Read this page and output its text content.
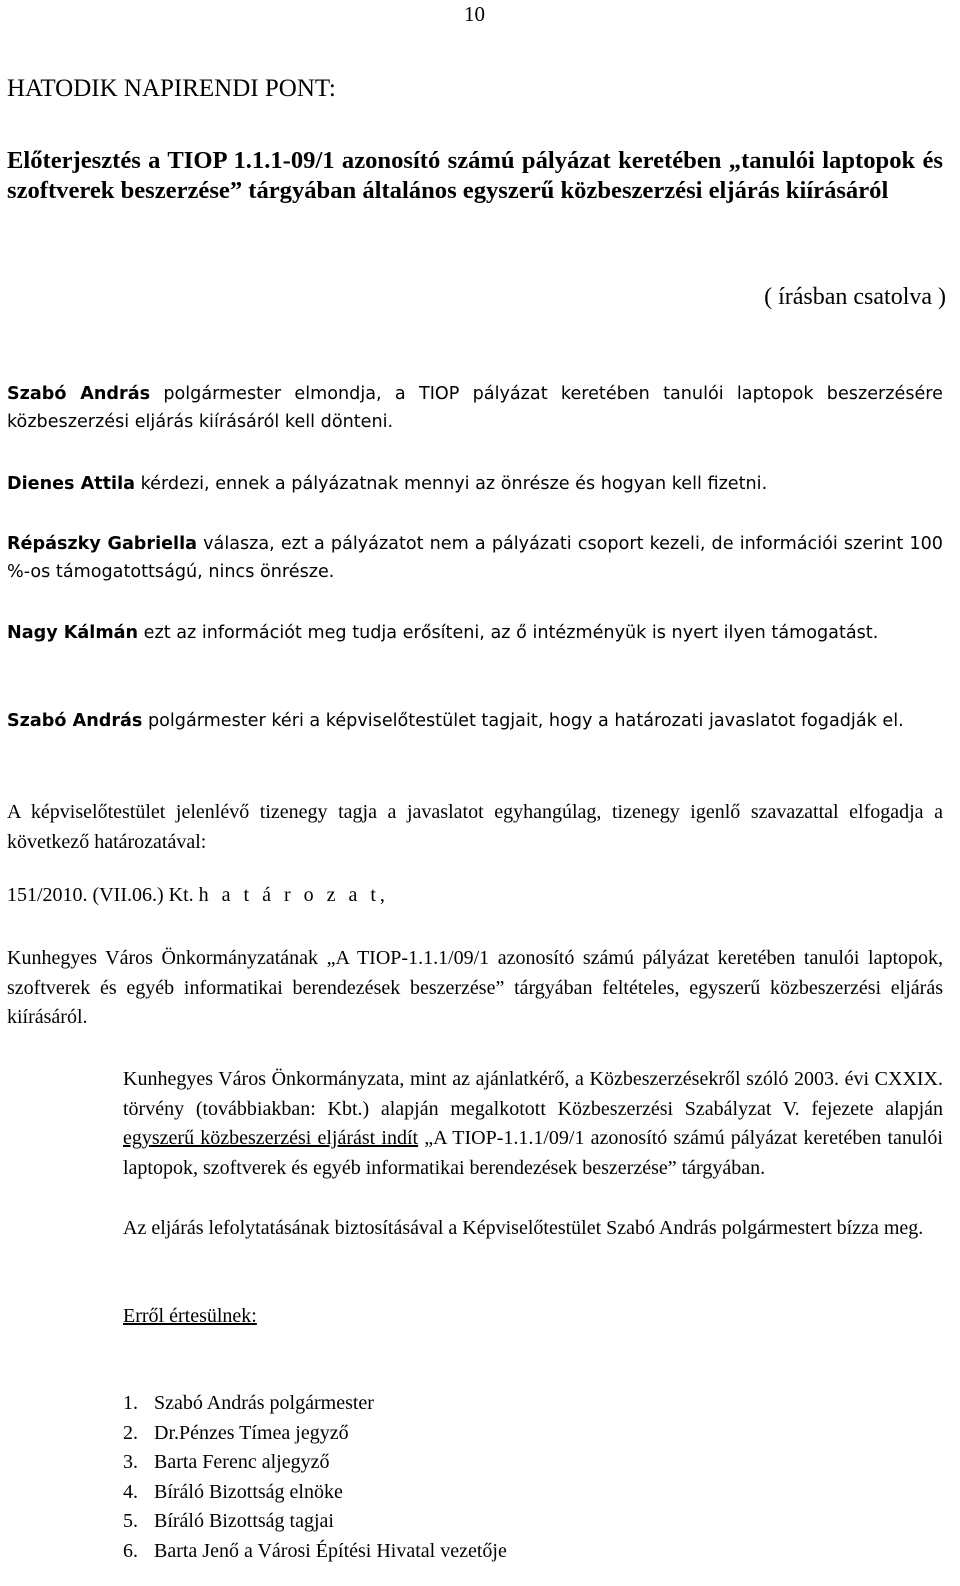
10
HATODIK NAPIRENDI PONT:
Előterjesztés a TIOP 1.1.1-09/1 azonosító számú pályázat keretében „tanulói laptopok és szoftverek beszerzése” tárgyában általános egyszerű közbeszerzési eljárás kiírásáról
( írásban csatolva )

Szabó András polgármester elmondja, a TIOP pályázat keretében tanulói laptopok beszerzésére közbeszerzési eljárás kiírásáról kell dönteni.

Dienes Attila kérdezi, ennek a pályázatnak mennyi az önrésze és hogyan kell fizetni.

Répászky Gabriella válasza, ezt a pályázatot nem a pályázati csoport kezeli, de információi szerint 100 %-os támogatottságú, nincs önrésze.

Nagy Kálmán ezt az információt meg tudja erősíteni, az ő intézményük is nyert ilyen támogatást.

Szabó András polgármester kéri a képviselőtestület tagjait, hogy a határozati javaslatot fogadják el.

A képviselőtestület jelenlévő tizenegy tagja a javaslatot egyhangúlag, tizenegy igenlő szavazattal elfogadja a következő határozatával:

151/2010. (VII.06.) Kt. h a t á r o z a t,

Kunhegyes Város Önkormányzatának „A TIOP-1.1.1/09/1 azonosító számú pályázat keretében tanulói laptopok, szoftverek és egyéb informatikai berendezések beszerzése” tárgyában feltételes, egyszerű közbeszerzési eljárás kiírásáról.

Kunhegyes Város Önkormányzata, mint az ajánlatkérő, a Közbeszerzésekről szóló 2003. évi CXXIX. törvény (továbbiakban: Kbt.) alapján megalkotott Közbeszerzési Szabályzat V. fejezete alapján egyszerű közbeszerzési eljárást indít „A TIOP-1.1.1/09/1 azonosító számú pályázat keretében tanulói laptopok, szoftverek és egyéb informatikai berendezések beszerzése” tárgyában.

Az eljárás lefolytatásának biztosításával a Képviselőtestület Szabó András polgármestert bízza meg.

Erről értesülnek:
1. Szabó András polgármester
2. Dr.Pénzes Tímea jegyző
3. Barta Ferenc aljegyző
4. Bíráló Bizottság elnöke
5. Bíráló Bizottság tagjai
6. Barta Jenő a Városi Építési Hivatal vezetője
